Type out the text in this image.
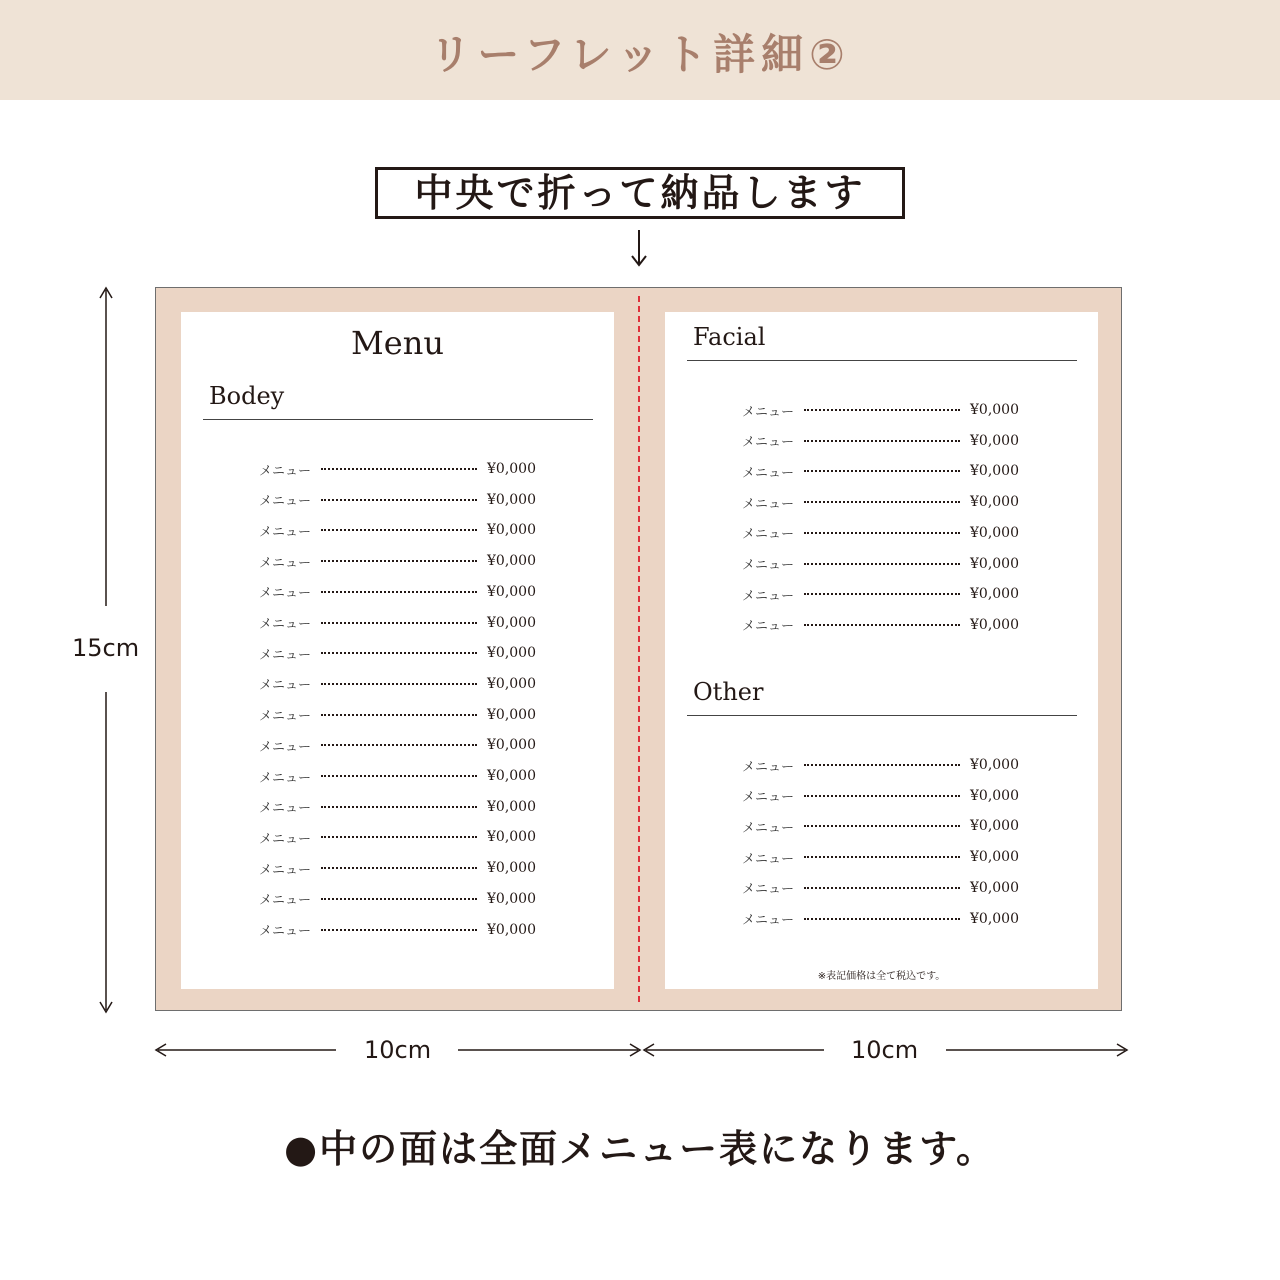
リーフレット詳細②
中央で折って納品します
15cm
10cm	10cm
Menu
Bodey
メニュー	¥0,000
メニュー	¥0,000
メニュー	¥0,000
メニュー	¥0,000
メニュー	¥0,000
メニュー	¥0,000
メニュー	¥0,000
メニュー	¥0,000
メニュー	¥0,000
メニュー	¥0,000
メニュー	¥0,000
メニュー	¥0,000
メニュー	¥0,000
メニュー	¥0,000
メニュー	¥0,000
メニュー	¥0,000
Facial
メニュー	¥0,000
メニュー	¥0,000
メニュー	¥0,000
メニュー	¥0,000
メニュー	¥0,000
メニュー	¥0,000
メニュー	¥0,000
メニュー	¥0,000
Other
メニュー	¥0,000
メニュー	¥0,000
メニュー	¥0,000
メニュー	¥0,000
メニュー	¥0,000
メニュー	¥0,000
※表記価格は全て税込です。
●中の面は全面メニュー表になります。
